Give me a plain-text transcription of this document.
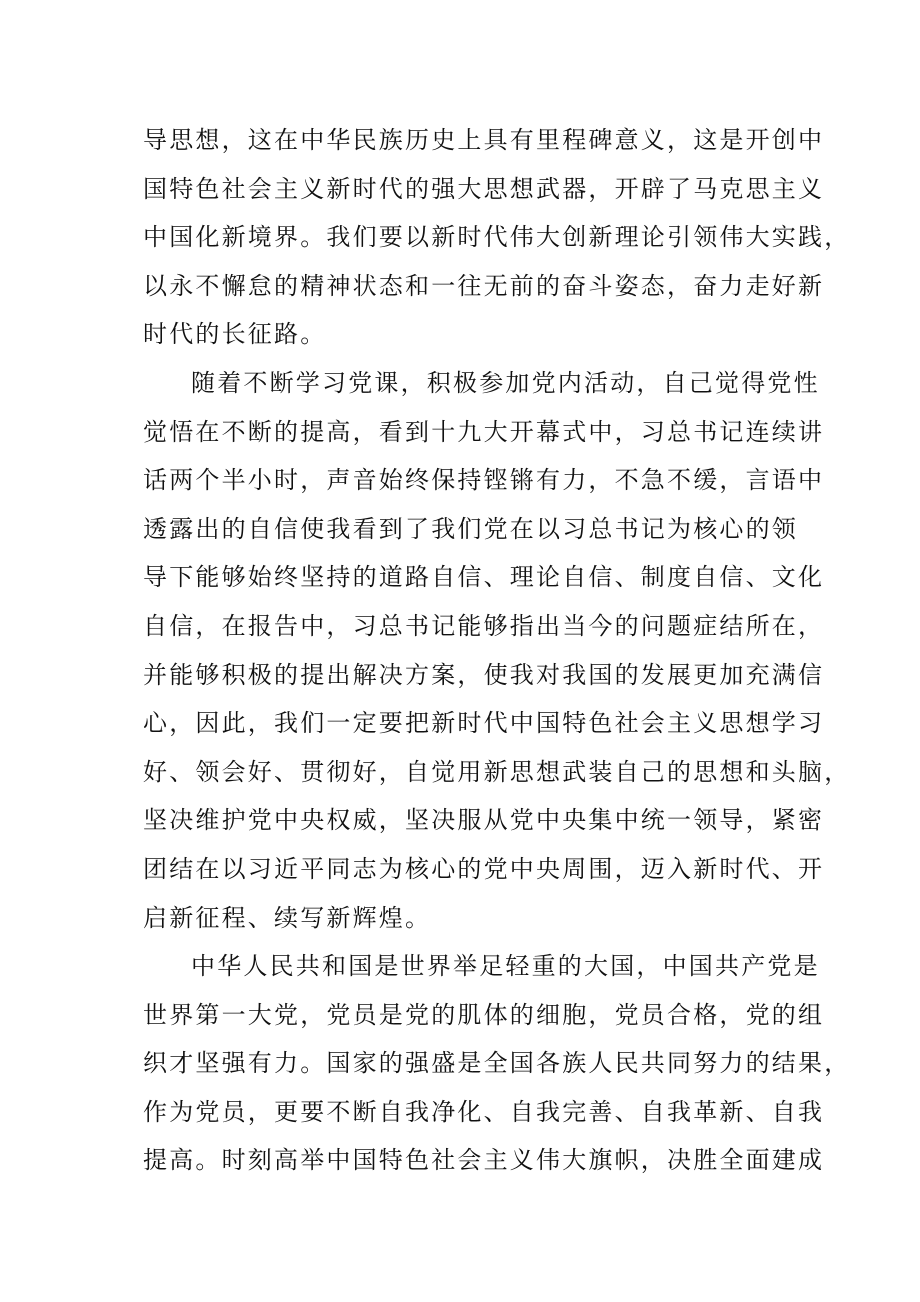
导思想，这在中华民族历史上具有里程碑意义，这是开创中
国特色社会主义新时代的强大思想武器，开辟了马克思主义
中国化新境界。我们要以新时代伟大创新理论引领伟大实践，
以永不懈怠的精神状态和一往无前的奋斗姿态，奋力走好新
时代的长征路。
随着不断学习党课，积极参加党内活动，自己觉得党性
觉悟在不断的提高，看到十九大开幕式中，习总书记连续讲
话两个半小时，声音始终保持铿锵有力，不急不缓，言语中
透露出的自信使我看到了我们党在以习总书记为核心的领
导下能够始终坚持的道路自信、理论自信、制度自信、文化
自信，在报告中，习总书记能够指出当今的问题症结所在，
并能够积极的提出解决方案，使我对我国的发展更加充满信
心，因此，我们一定要把新时代中国特色社会主义思想学习
好、领会好、贯彻好，自觉用新思想武装自己的思想和头脑，
坚决维护党中央权威，坚决服从党中央集中统一领导，紧密
团结在以习近平同志为核心的党中央周围，迈入新时代、开
启新征程、续写新辉煌。
中华人民共和国是世界举足轻重的大国，中国共产党是
世界第一大党，党员是党的肌体的细胞，党员合格，党的组
织才坚强有力。国家的强盛是全国各族人民共同努力的结果，
作为党员，更要不断自我净化、自我完善、自我革新、自我
提高。时刻高举中国特色社会主义伟大旗帜，决胜全面建成
